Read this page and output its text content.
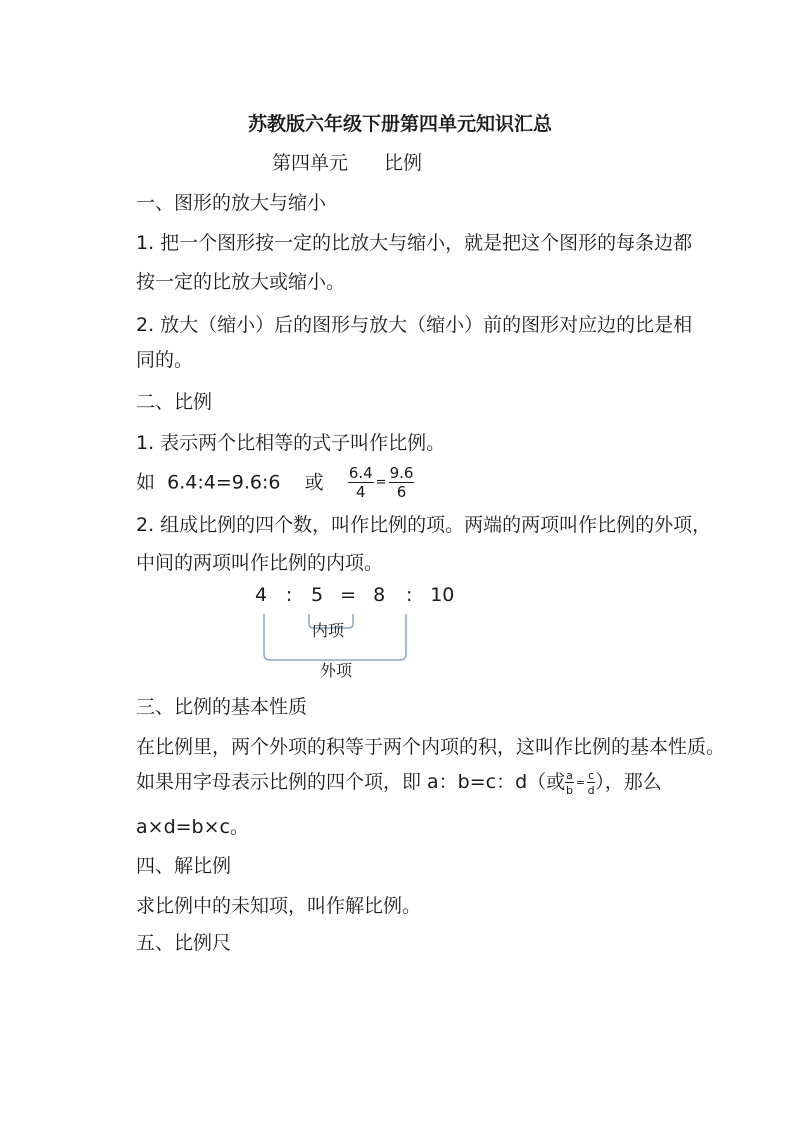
苏教版六年级下册第四单元知识汇总
第四单元 比例
一、图形的放大与缩小
1. 把一个图形按一定的比放大与缩小，就是把这个图形的每条边都
按一定的比放大或缩小。
2. 放大（缩小）后的图形与放大（缩小）前的图形对应边的比是相
同的。
二、比例
1. 表示两个比相等的式子叫作比例。
如 6.4:4=9.6:6 或 $\frac{6.4}{4} = \frac{9.6}{6}$
2. 组成比例的四个数，叫作比例的项。两端的两项叫作比例的外项，
中间的两项叫作比例的内项。
4 : 5 = 8 : 10
内项
外项
三、比例的基本性质
在比例里，两个外项的积等于两个内项的积，这叫作比例的基本性质。
如果用字母表示比例的四个项，即 a：b=c：d（或 $\frac{a}{b} = \frac{c}{d}$ ），那么
a×d=b×c。
四、解比例
求比例中的未知项，叫作解比例。
五、比例尺
